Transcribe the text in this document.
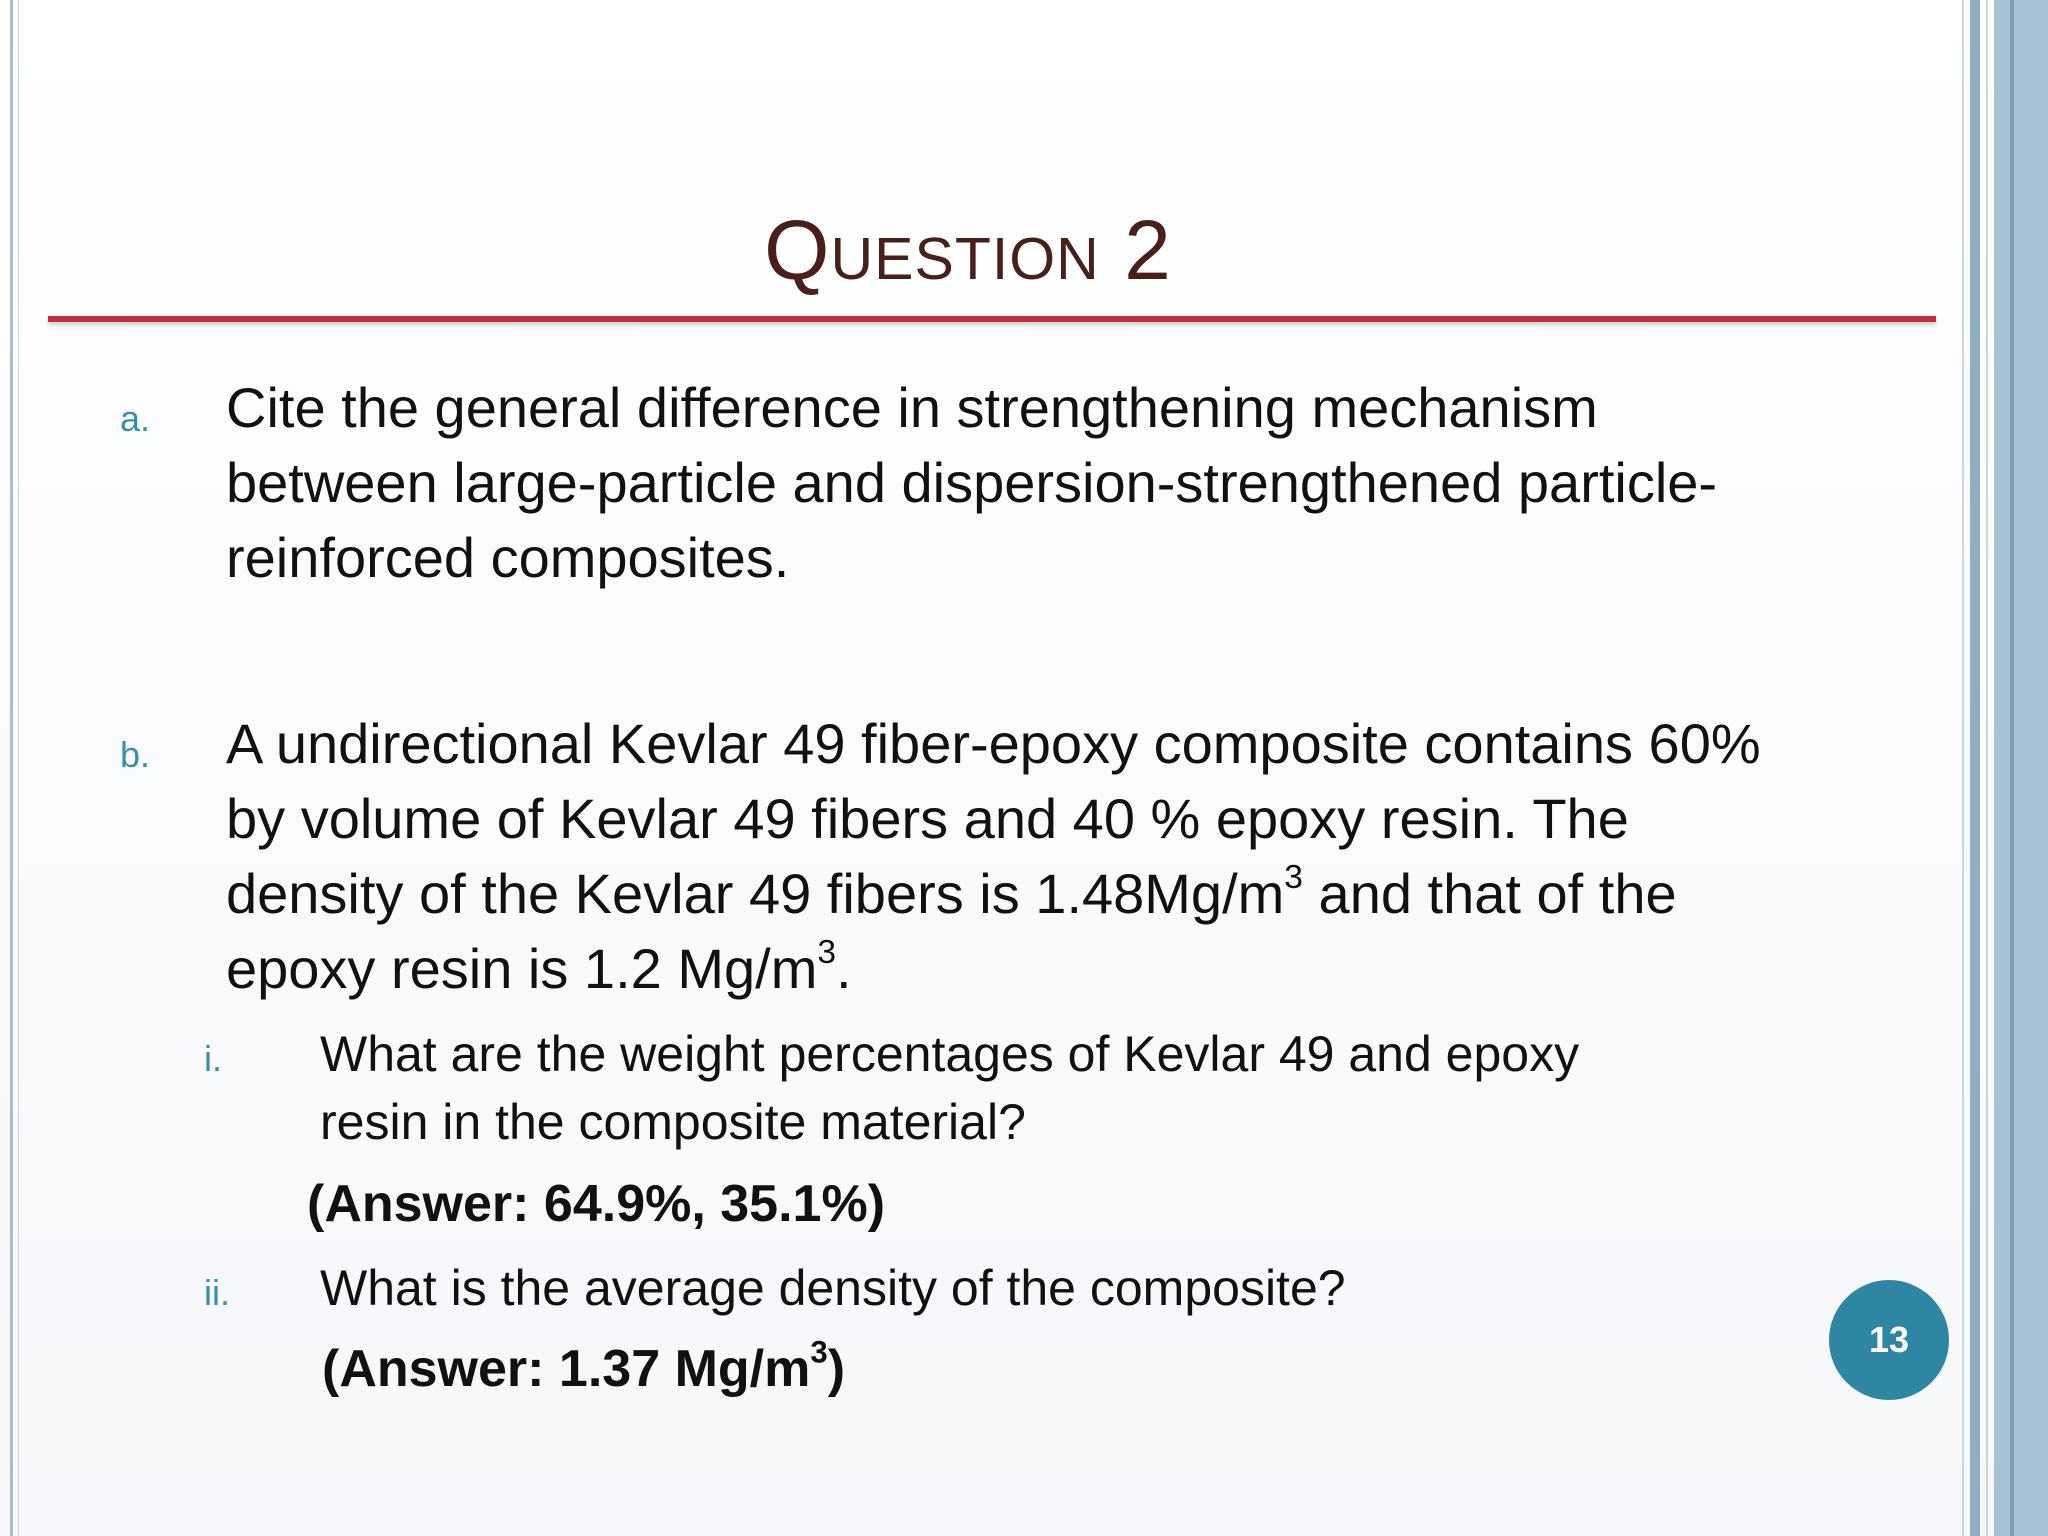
Question 2
a. Cite the general difference in strengthening mechanism between large-particle and dispersion-strengthened particle-reinforced composites.
b. A undirectional Kevlar 49 fiber-epoxy composite contains 60% by volume of Kevlar 49 fibers and 40 % epoxy resin. The density of the Kevlar 49 fibers is $1.48Mg/m^3$ and that of the epoxy resin is 1.2 $Mg/m^3$.
i. What are the weight percentages of Kevlar 49 and epoxy resin in the composite material?
(Answer: 64.9%, 35.1%)
ii. What is the average density of the composite?
(Answer: 1.37 $Mg/m^3$)
13
